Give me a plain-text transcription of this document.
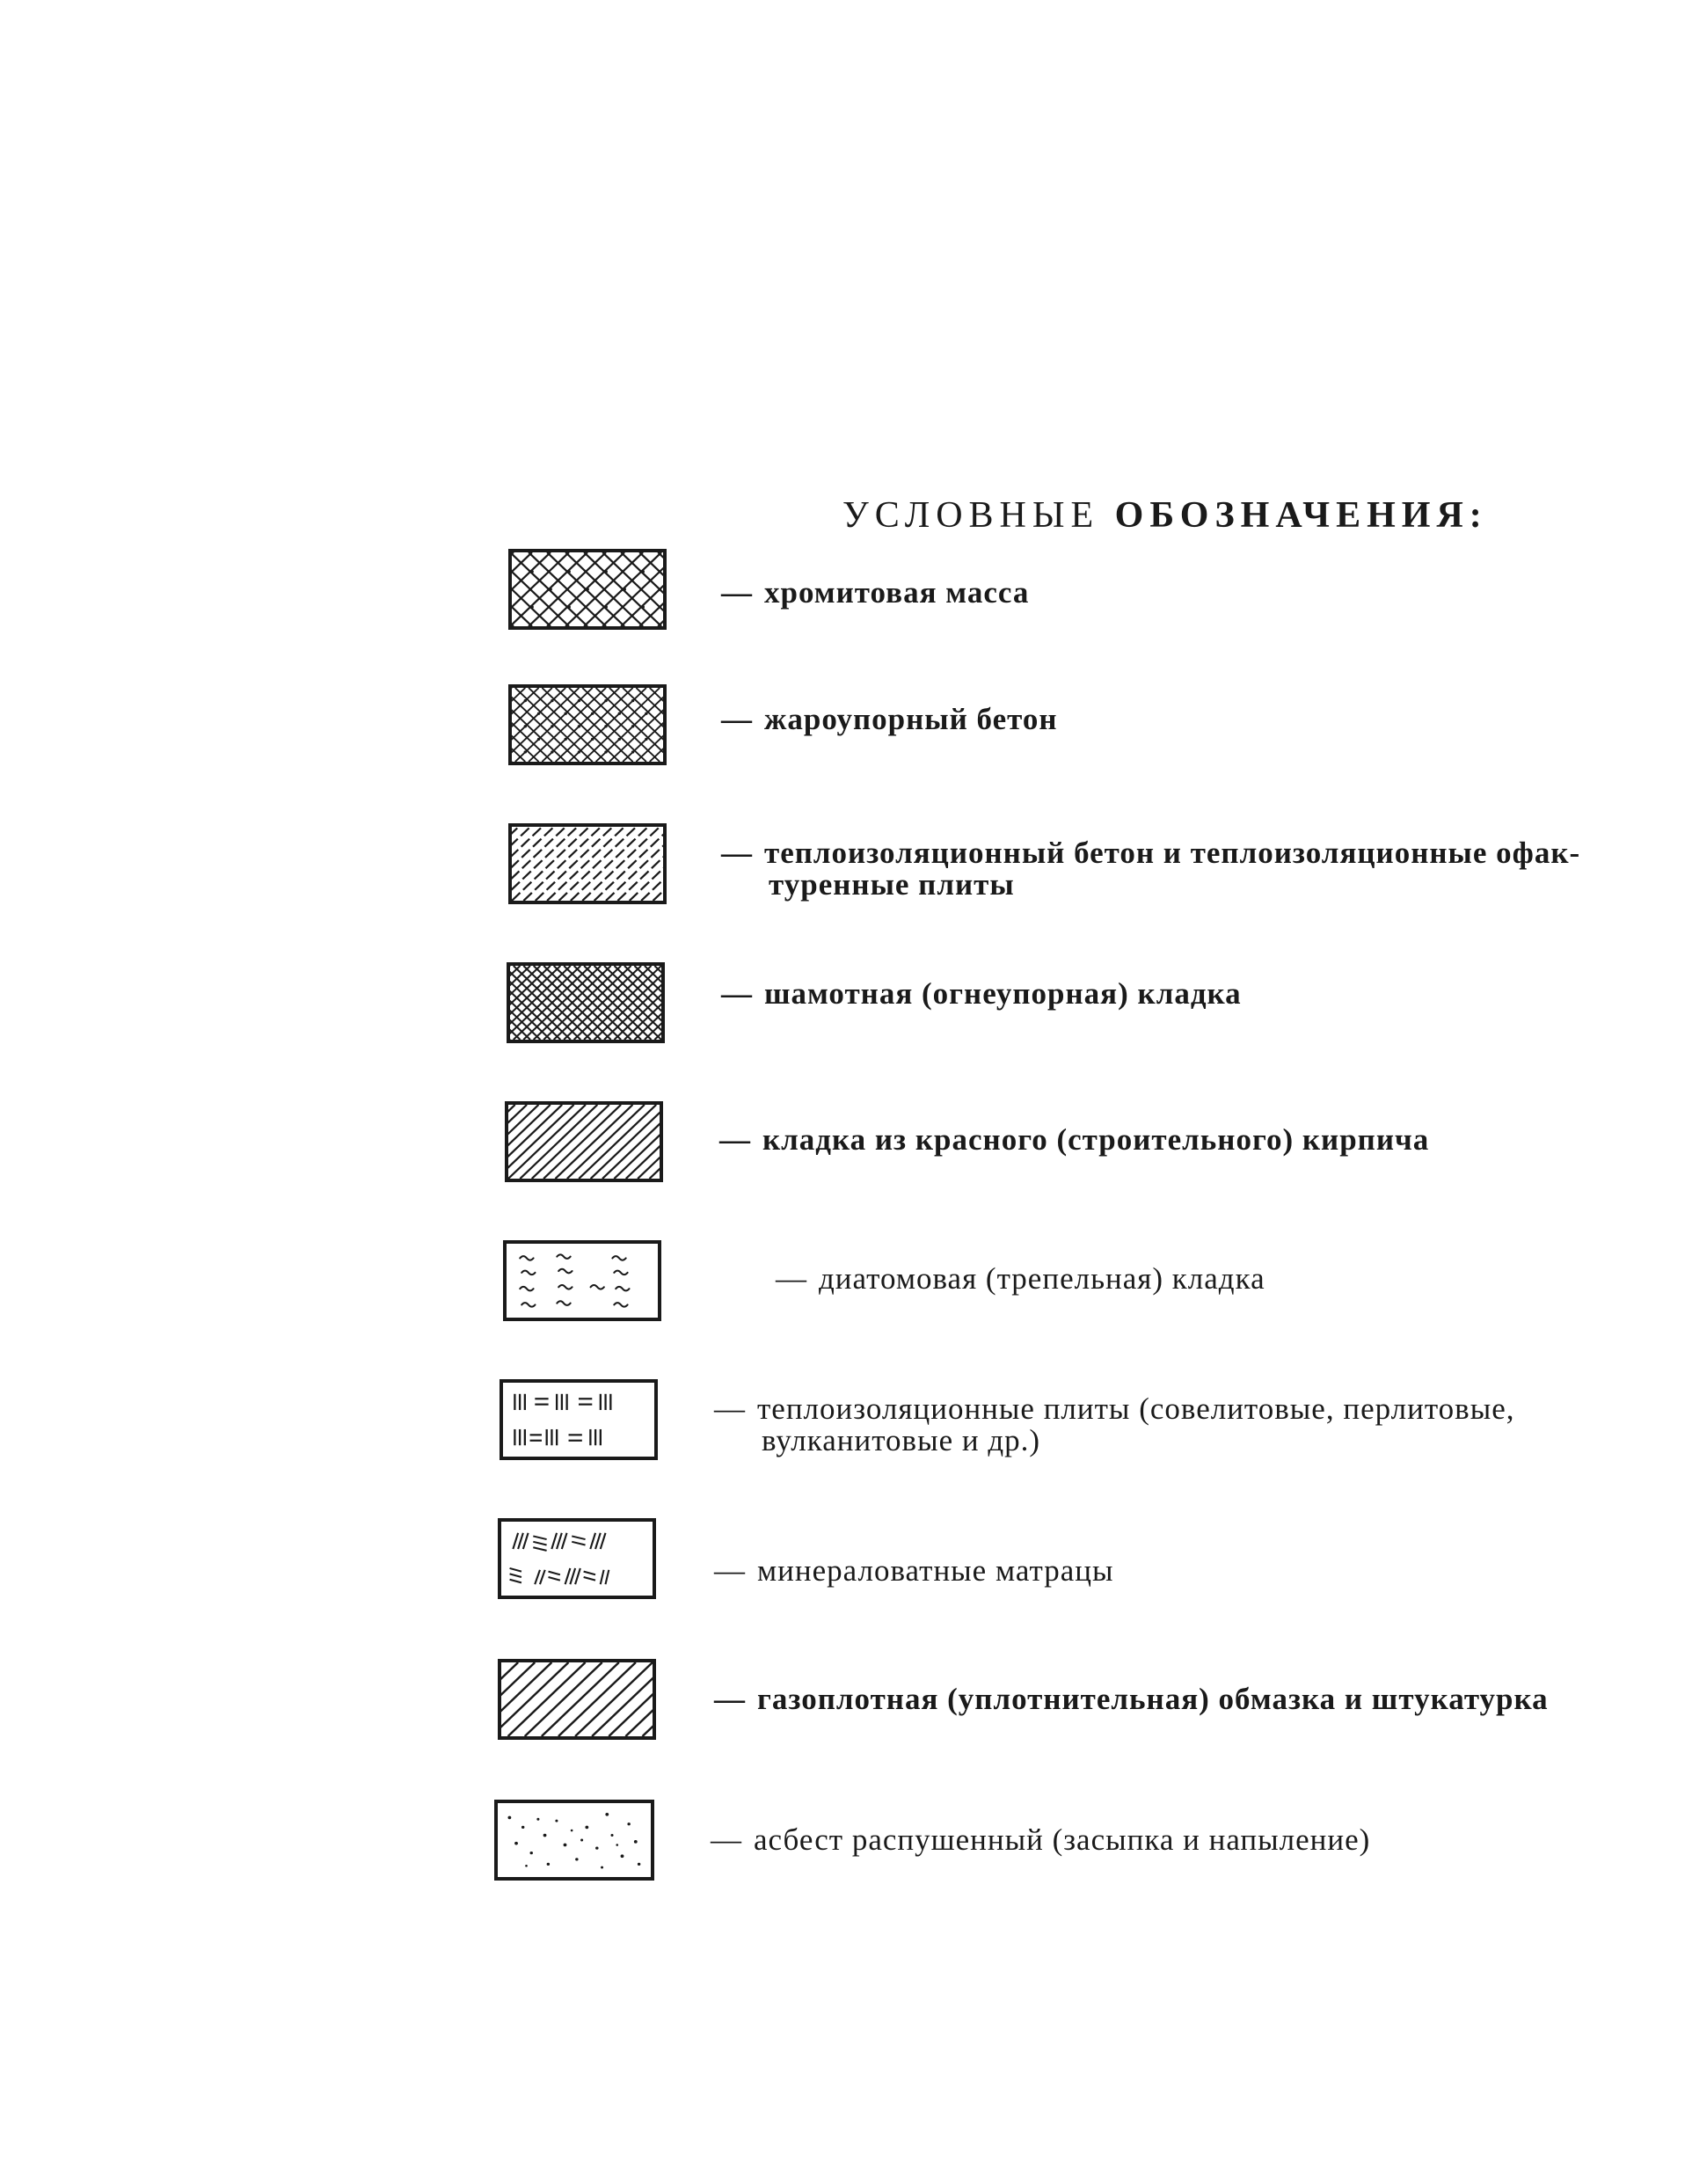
УСЛОВНЫЕ ОБОЗНАЧЕНИЯ:
— хромитовая масса
— жароупорный бетон
— теплоизоляционный бетон и теплоизоляционные офак-
туренные плиты
— шамотная (огнеупорная) кладка
— кладка из красного (строительного) кирпича
— диатомовая (трепельная) кладка
— теплоизоляционные плиты (совелитовые, перлитовые,
вулканитовые и др.)
— минераловатные матрацы
— газоплотная (уплотнительная) обмазка и штукатурка
— асбест распушенный (засыпка и напыление)
